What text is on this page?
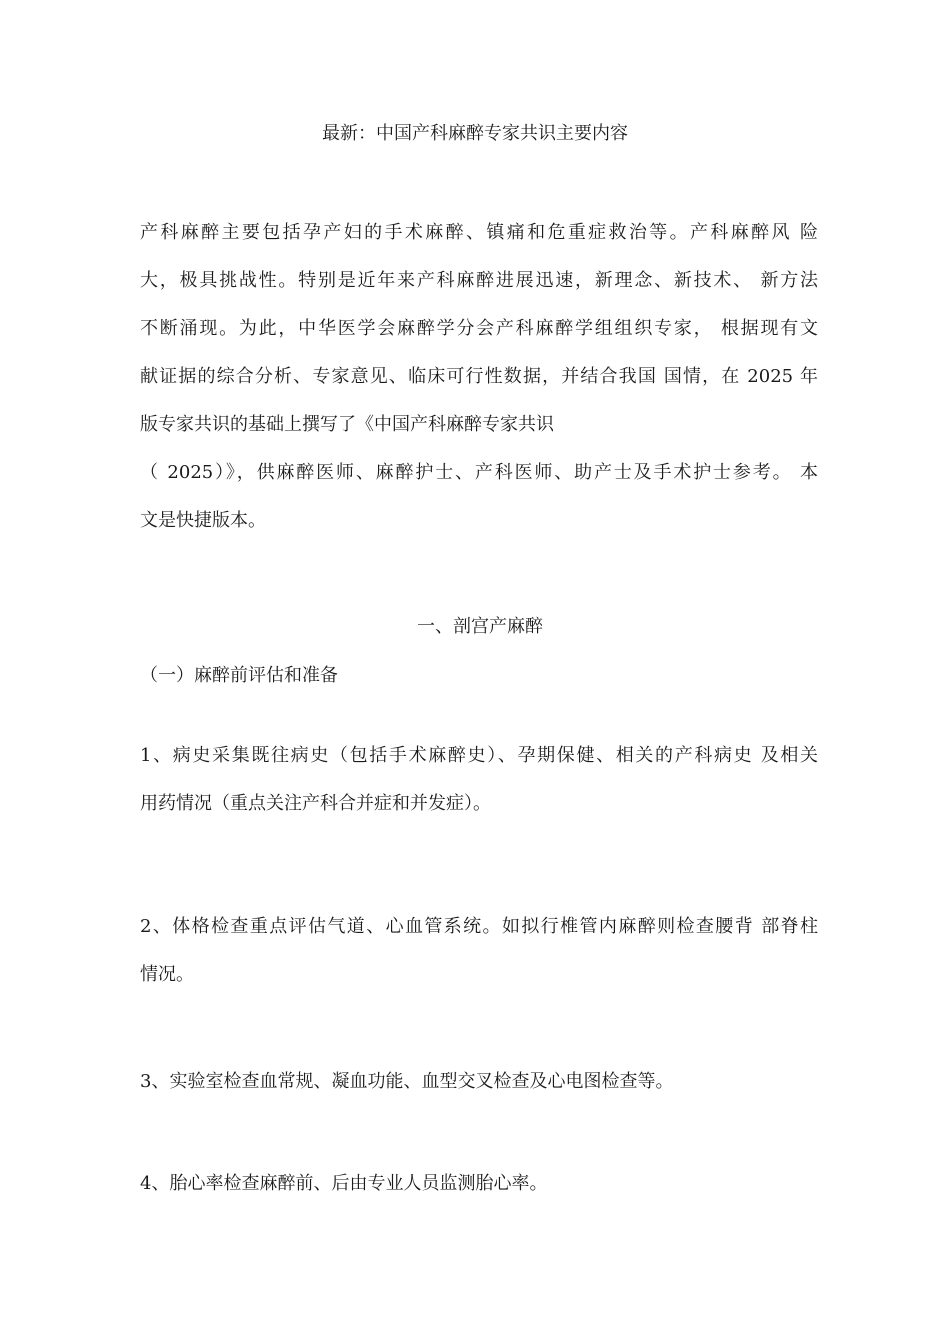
最新：中国产科麻醉专家共识主要内容

产科麻醉主要包括孕产妇的手术麻醉、镇痛和危重症救治等。产科麻醉风 险
大，极具挑战性。特别是近年来产科麻醉进展迅速，新理念、新技术、 新方法
不断涌现。为此，中华医学会麻醉学分会产科麻醉学组组织专家， 根据现有文
献证据的综合分析、专家意见、临床可行性数据，并结合我国 国情，在 2025 年
版专家共识的基础上撰写了《中国产科麻醉专家共识
（ 2025）》，供麻醉医师、麻醉护士、产科医师、助产士及手术护士参考。 本
文是快捷版本。

一、剖宫产麻醉
（一）麻醉前评估和准备

1、病史采集既往病史（包括手术麻醉史）、孕期保健、相关的产科病史 及相关
用药情况（重点关注产科合并症和并发症）。

2、体格检查重点评估气道、心血管系统。如拟行椎管内麻醉则检查腰背 部脊柱
情况。

3、实验室检查血常规、凝血功能、血型交叉检查及心电图检查等。

4、胎心率检查麻醉前、后由专业人员监测胎心率。
